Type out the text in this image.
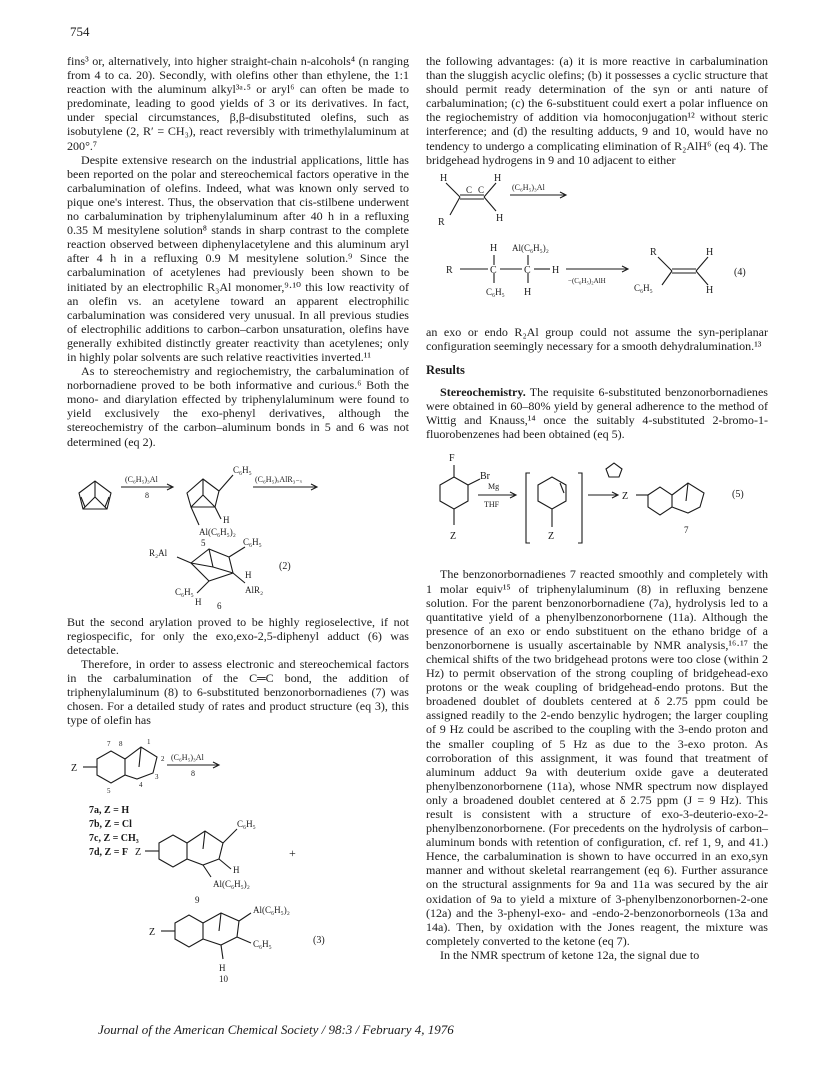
754

fins³ or, alternatively, into higher straight-chain n-alcohols⁴ (n ranging from 4 to ca. 20). Secondly, with olefins other than ethylene, the 1:1 reaction with the aluminum alkyl³ᵃ·⁵ or aryl⁶ can often be made to predominate, leading to good yields of 3 or its derivatives. In fact, under special circumstances, β,β-disubstituted olefins, such as isobutylene (2, R′ = CH₃), react reversibly with trimethylaluminum at 200°.⁷

Despite extensive research on the industrial applications, little has been reported on the polar and stereochemical factors operative in the carbalumination of olefins. Indeed, what was known only served to pique one's interest. Thus, the observation that cis-stilbene underwent no carbalumination by triphenylaluminum after 40 h in a refluxing 0.35 M mesitylene solution⁸ stands in sharp contrast to the complete reaction observed between diphenylacetylene and this aluminum aryl after 4 h in a refluxing 0.9 M mesitylene solution.⁹ Since the carbalumination of acetylenes had previously been shown to be initiated by an electrophilic R₃Al monomer,⁹·¹⁰ this low reactivity of an olefin vs. an acetylene toward an apparent electrophilic carbalumination was considered very unusual. In all previous studies of electrophilic additions to carbon–carbon unsaturation, olefins have generally exhibited distinctly greater reactivity than acetylenes; only in highly polar solvents are such relative reactivities inverted.¹¹

As to stereochemistry and regiochemistry, the carbalumination of norbornadiene proved to be both informative and curious.⁶ Both the mono- and diarylation effected by triphenylaluminum were found to yield exclusively the exo-phenyl derivatives, although the stereochemistry of the carbon–aluminum bonds in 5 and 6 was not determined (eq 2).

(C₆H₅)₃Al
8
C₆H₅
H
(C₆H₅)ₓAlR₃₋ₓ
Al(C₆H₅)₂
5
R₂Al
C₆H₅
H
C₆H₅
H
AlR₂
(2)
6

But the second arylation proved to be highly regioselective, if not regiospecific, for only the exo,exo-2,5-diphenyl adduct (6) was detectable.

Therefore, in order to assess electronic and stereochemical factors in the carbalumination of the C═C bond, the addition of triphenylaluminum (8) to 6-substituted benzonorbornadienes (7) was chosen. For a detailed study of rates and product structure (eq 3), this type of olefin has

Z
7 8	1
2
3
4
5
(C₆H₅)₃Al
8
7a, Z = H
7b, Z = Cl
7c, Z = CH₃
7d, Z = F Z
C₆H₅
H
Al(C₆H₅)₂
+
9
Z
Al(C₆H₅)₂
C₆H₅
H
(3)
10

the following advantages: (a) it is more reactive in carbalumination than the sluggish acyclic olefins; (b) it possesses a cyclic structure that should permit ready determination of the syn or anti nature of carbalumination; (c) the 6-substituent could exert a polar influence on the regiochemistry of addition via homoconjugation¹² without steric interference; and (d) the resulting adducts, 9 and 10, would have no tendency to undergo a complicating elimination of R₂AlH⁶ (eq 4). The bridgehead hydrogens in 9 and 10 adjacent to either

H	H
C C
R	H
(C₆H₅)₃Al
H Al(C₆H₅)₂
R	C	C H
C₆H₅ H
−(C₆H₅)₂AlH
R	H
C₆H₅	H
(4)

an exo or endo R₂Al group could not assume the syn-periplanar configuration seemingly necessary for a smooth dehydralumination.¹³

Results

Stereochemistry. The requisite 6-substituted benzonorbornadienes were obtained in 60–80% yield by general adherence to the method of Wittig and Knauss,¹⁴ once the suitably 4-substituted 2-bromo-1-fluorobenzenes had been obtained (eq 5).

F
Br
Z
Mg
THF
Z
Z
7
(5)

The benzonorbornadienes 7 reacted smoothly and completely with 1 molar equiv¹⁵ of triphenylaluminum (8) in refluxing benzene solution. For the parent benzonorbornadiene (7a), hydrolysis led to a quantitative yield of a phenylbenzonorbornene (11a). Although the presence of an exo or endo substituent on the ethano bridge of a benzonorbornene is usually ascertainable by NMR analysis,¹⁶·¹⁷ the chemical shifts of the two bridgehead protons were too close (within 2 Hz) to permit observation of the strong coupling of bridgehead-exo protons or the weak coupling of bridgehead-endo protons. But the broadened doublet of doublets centered at δ 2.75 ppm could be assigned readily to the 2-endo benzylic hydrogen; the larger coupling of 9 Hz could be ascribed to the coupling with the 3-endo proton and the smaller coupling of 5 Hz as due to the 3-exo proton. As corroboration of this assignment, it was found that treatment of aluminum adduct 9a with deuterium oxide gave a deuterated phenylbenzonorbornene (11a), whose NMR spectrum now displayed only a broadened doublet centered at δ 2.75 ppm (J = 9 Hz). This result is consistent with a structure of exo-3-deuterio-exo-2-phenylbenzonorbornene. (For precedents on the hydrolysis of carbon–aluminum bonds with retention of configuration, cf. ref 1, 9, and 41.) Hence, the carbalumination is shown to have occurred in an exo,syn manner and without skeletal rearrangement (eq 6). Further assurance on the structural assignments for 9a and 11a was secured by the air oxidation of 9a to yield a mixture of 3-phenylbenzonorbornen-2-one (12a) and the 3-phenyl-exo- and -endo-2-benzonorborneols (13a and 14a). Then, by oxidation with the Jones reagent, the mixture was completely converted to the ketone (eq 7).

In the NMR spectrum of ketone 12a, the signal due to

Journal of the American Chemical Society / 98:3 / February 4, 1976
